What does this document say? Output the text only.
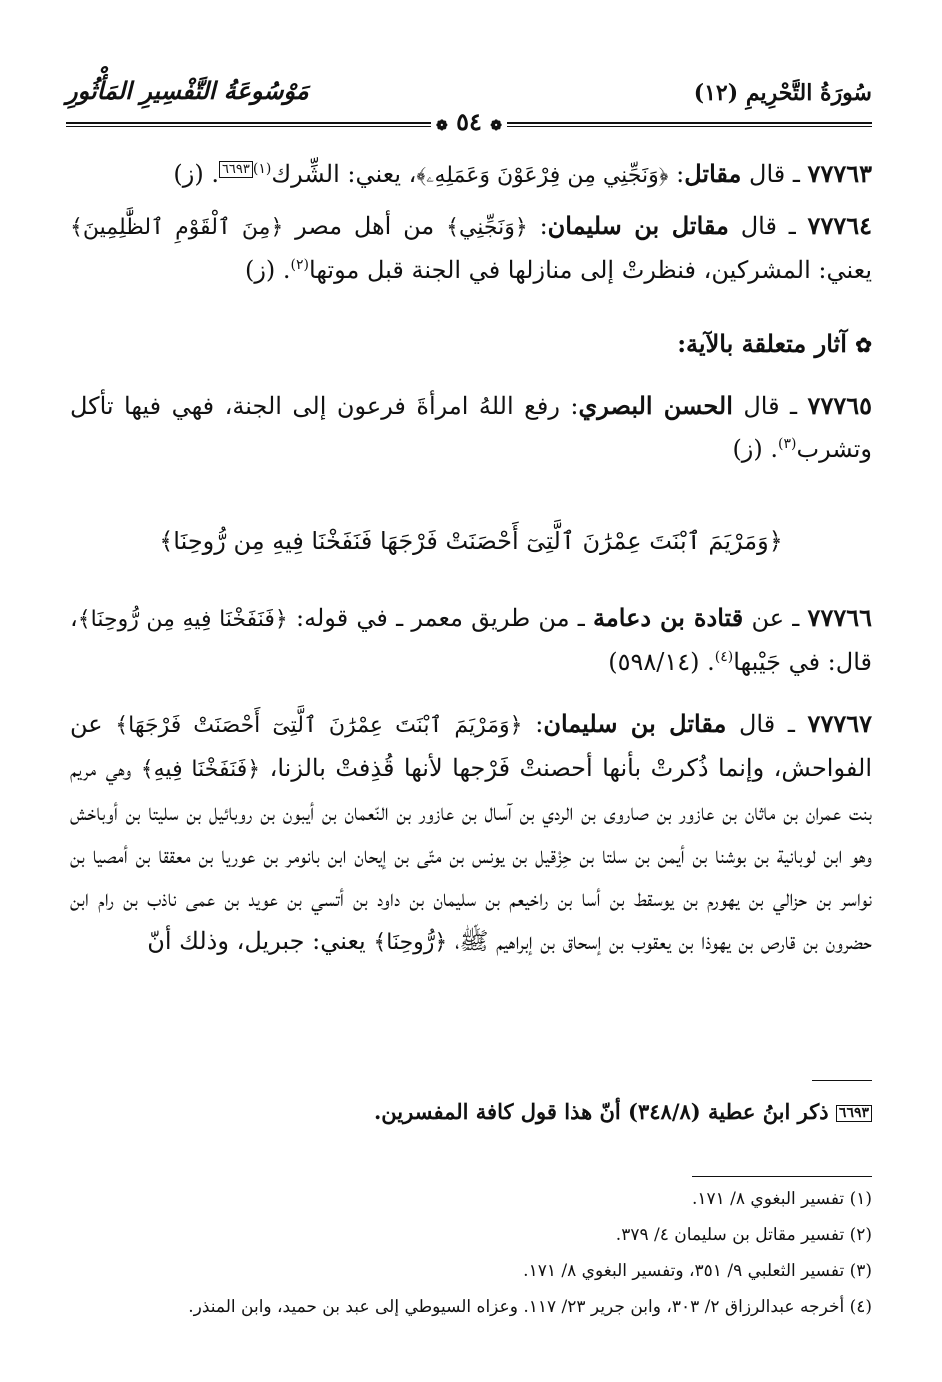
سُورَةُ التَّحْرِيمِ (١٢)
مَوْسُوعَةُ التَّفْسِيرِ المَأْثُورِ
❁ ٥٤ ❁
٧٧٧٦٣ ـ قال مقاتل: ﴿وَنَجِّنِي مِن فِرْعَوْنَ وَعَمَلِهِۦ﴾، يعني: الشِّرك$^{(١)}$٦٦٩٣. (ز)
٧٧٧٦٤ ـ قال مقاتل بن سليمان: ﴿وَنَجِّنِي﴾ من أهل مصر ﴿مِنَ ٱلْقَوْمِ ٱلظَّٰلِمِينَ﴾ يعني: المشركين، فنظرتْ إلى منازلها في الجنة قبل موتها$^{(٢)}$. (ز)
✿ آثار متعلقة بالآية:
٧٧٧٦٥ ـ قال الحسن البصري: رفع اللهُ امرأةَ فرعون إلى الجنة، فهي فيها تأكل وتشرب$^{(٣)}$. (ز)
﴿وَمَرْيَمَ ٱبْنَتَ عِمْرَٰنَ ٱلَّتِىٓ أَحْصَنَتْ فَرْجَهَا فَنَفَخْنَا فِيهِ مِن رُّوحِنَا﴾
٧٧٧٦٦ ـ عن قتادة بن دعامة ـ من طريق معمر ـ في قوله: ﴿فَنَفَخْنَا فِيهِ مِن رُّوحِنَا﴾، قال: في جَيْبها$^{(٤)}$. (٥٩٨/١٤)
٧٧٧٦٧ ـ قال مقاتل بن سليمان: ﴿وَمَرْيَمَ ٱبْنَتَ عِمْرَٰنَ ٱلَّتِىٓ أَحْصَنَتْ فَرْجَهَا﴾ عن الفواحش، وإنما ذُكرتْ بأنها أحصنتْ فَرْجها لأنها قُذِفتْ بالزنا، ﴿فَنَفَخْنَا فِيهِ﴾ وهي مريم بنت عمران بن ماثان بن عازور بن صاروى بن الردي بن آسال بن عازور بن النّعمان بن أيبون بن روبائيل بن سليتا بن أوباخش وهو ابن لوبانية بن بوشنا بن أيمن بن سلتا بن حِزْقيل بن يونس بن متّى بن إيحان ابن بانومر بن عوريا بن معققا بن أمصيا بن نواسر بن حزالي بن يهورم بن يوسقط بن أسا بن راخيعم بن سليمان بن داود بن أتسي بن عويد بن عمى ناذب بن رام ابن حضرون بن قارص بن يهوذا بن يعقوب بن إسحاق بن إبراهيم ﷺ، ﴿رُّوحِنَا﴾ يعني: جبريل، وذلك أنّ
٦٦٩٣ ذكر ابنُ عطية (٣٤٨/٨) أنّ هذا قول كافة المفسرين.
(١) تفسير البغوي ٨/ ١٧١.
(٢) تفسير مقاتل بن سليمان ٤/ ٣٧٩.
(٣) تفسير الثعلبي ٩/ ٣٥١، وتفسير البغوي ٨/ ١٧١.
(٤) أخرجه عبدالرزاق ٢/ ٣٠٣، وابن جرير ٢٣/ ١١٧. وعزاه السيوطي إلى عبد بن حميد، وابن المنذر.
